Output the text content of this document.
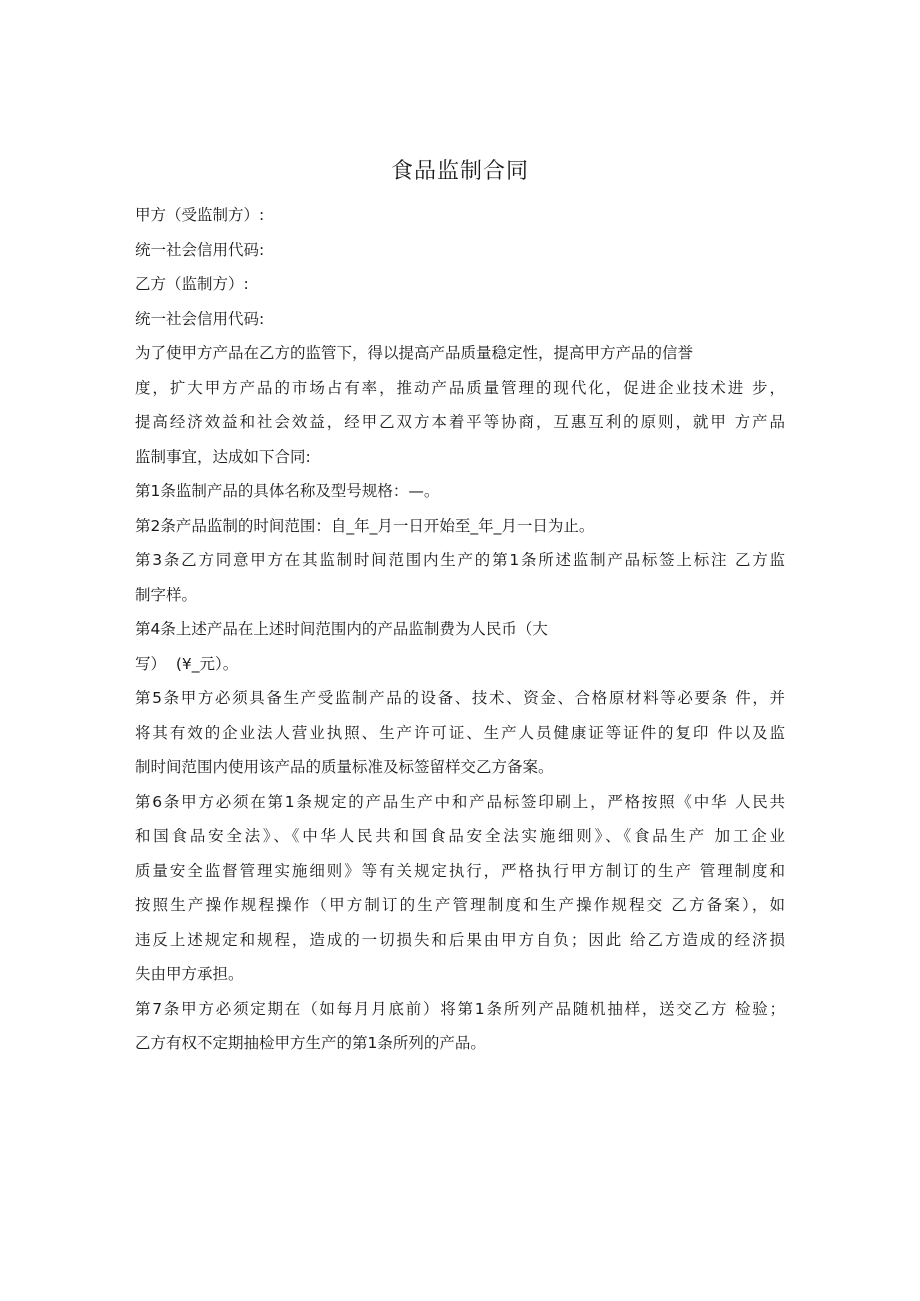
食品监制合同
甲方（受监制方）:
统一社会信用代码:
乙方（监制方）:
统一社会信用代码:
为了使甲方产品在乙方的监管下，得以提高产品质量稳定性，提高甲方产品的信誉
度，扩大甲方产品的市场占有率，推动产品质量管理的现代化，促进企业技术进 步，
提高经济效益和社会效益，经甲乙双方本着平等协商，互惠互利的原则，就甲 方产品
监制事宜，达成如下合同:
第1条监制产品的具体名称及型号规格：—。
第2条产品监制的时间范围：自_年_月一日开始至_年_月一日为止。
第3条乙方同意甲方在其监制时间范围内生产的第1条所述监制产品标签上标注 乙方监
制字样。
第4条上述产品在上述时间范围内的产品监制费为人民币（大
写）  (¥_元）。
第5条甲方必须具备生产受监制产品的设备、技术、资金、合格原材料等必要条 件，并
将其有效的企业法人营业执照、生产许可证、生产人员健康证等证件的复印 件以及监
制时间范围内使用该产品的质量标准及标签留样交乙方备案。
第6条甲方必须在第1条规定的产品生产中和产品标签印刷上，严格按照《中华 人民共
和国食品安全法》、《中华人民共和国食品安全法实施细则》、《食品生产 加工企业
质量安全监督管理实施细则》等有关规定执行，严格执行甲方制订的生产 管理制度和
按照生产操作规程操作（甲方制订的生产管理制度和生产操作规程交 乙方备案），如
违反上述规定和规程，造成的一切损失和后果由甲方自负；因此 给乙方造成的经济损
失由甲方承担。
第7条甲方必须定期在（如每月月底前）将第1条所列产品随机抽样，送交乙方 检验；
乙方有权不定期抽检甲方生产的第1条所列的产品。
